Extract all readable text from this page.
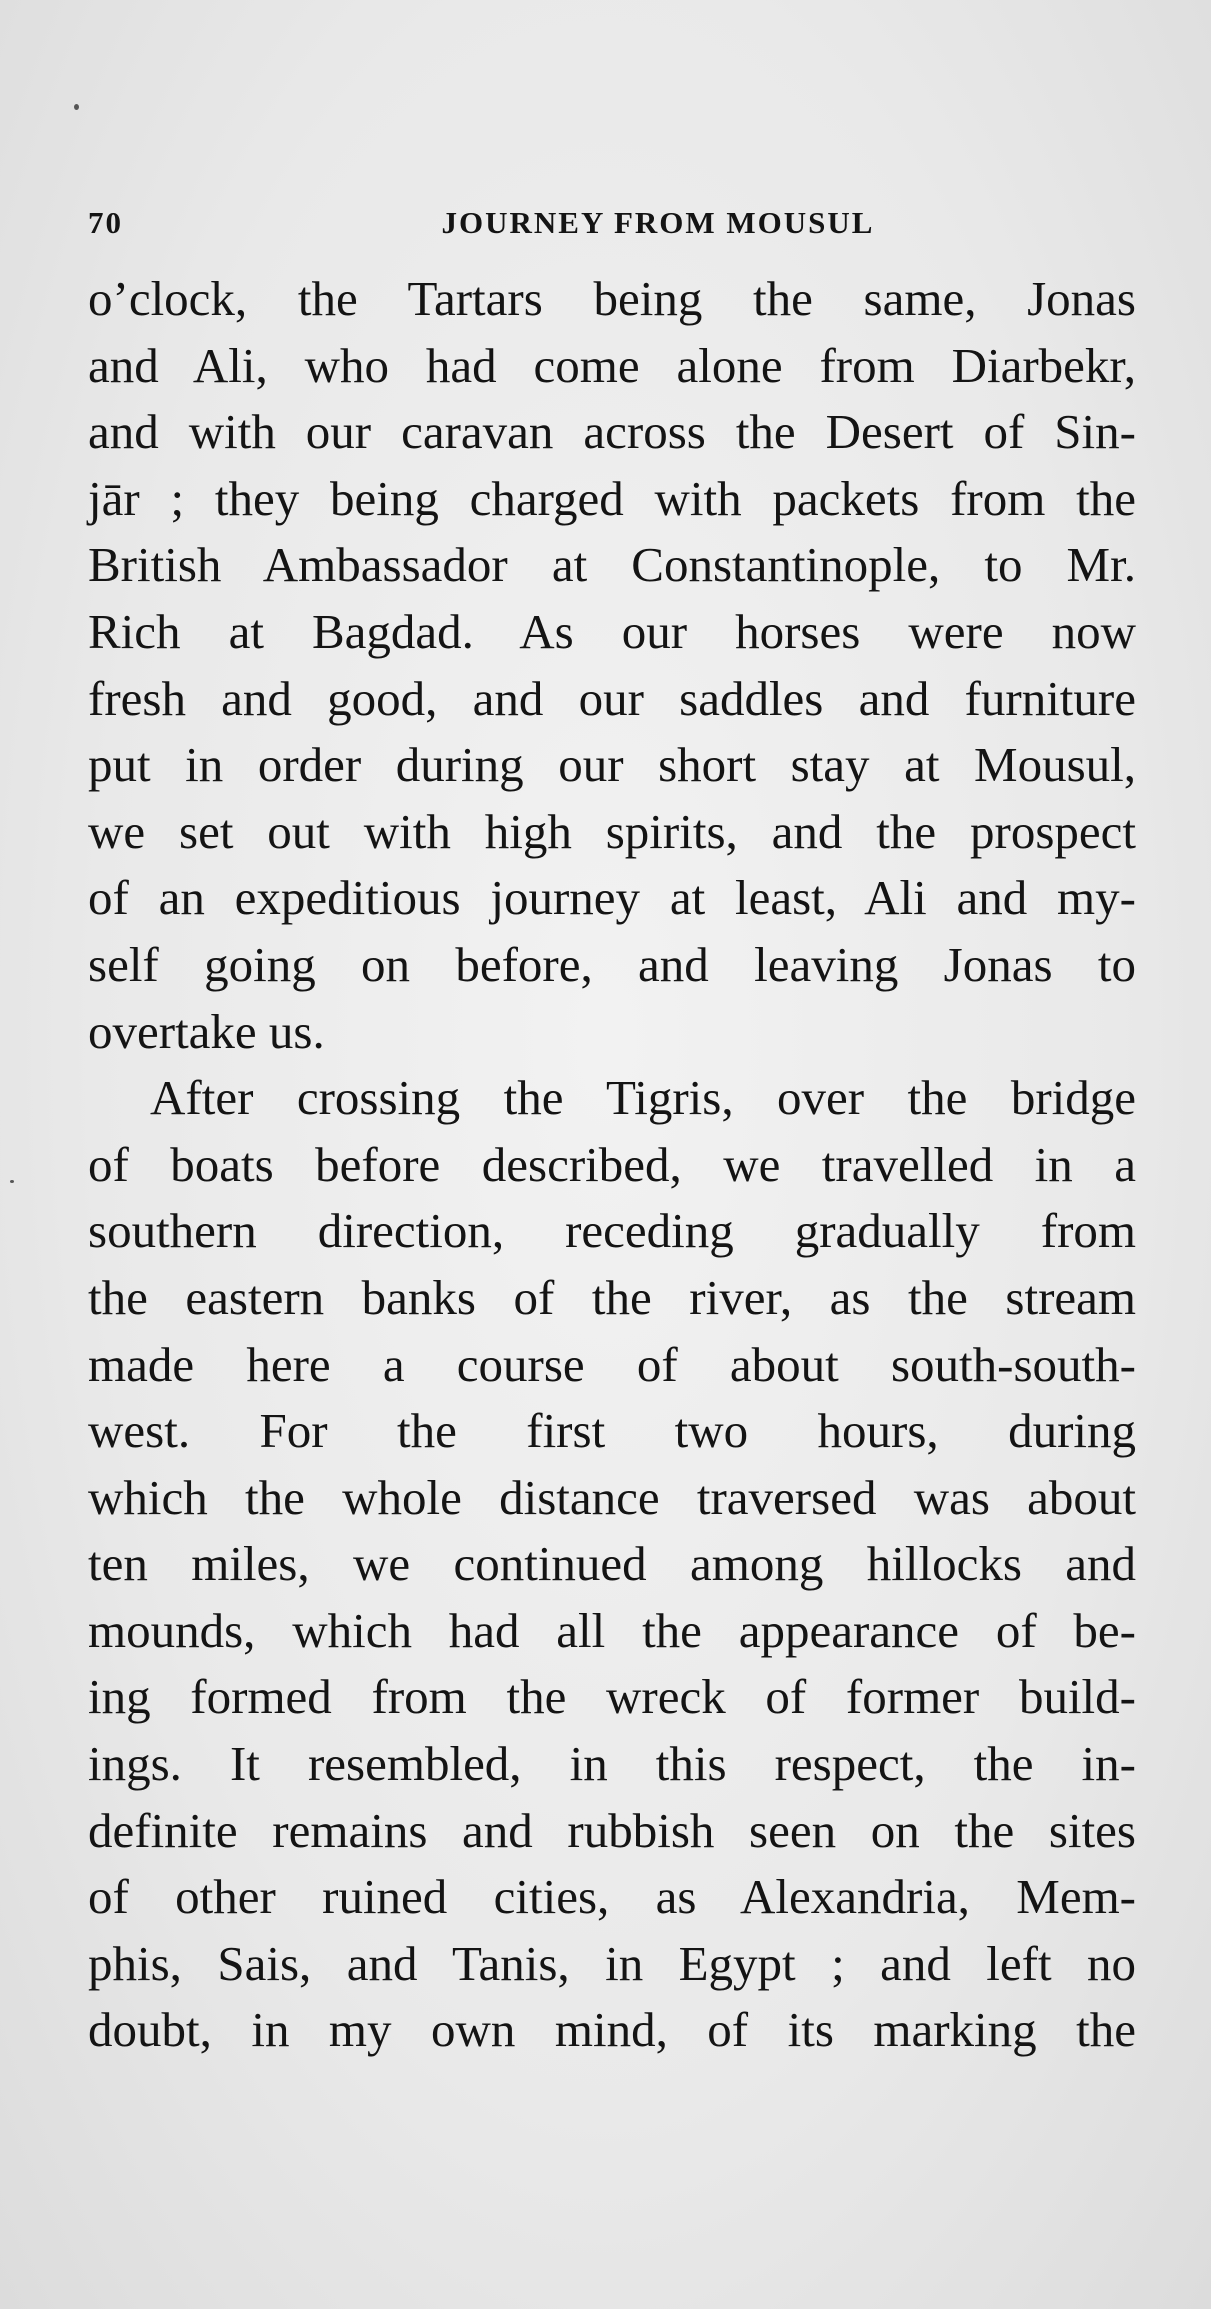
70	JOURNEY FROM MOUSUL
o’clock, the Tartars being the same, Jonas
and Ali, who had come alone from Diarbekr,
and with our caravan across the Desert of Sin-
jār ; they being charged with packets from the
British Ambassador at Constantinople, to Mr.
Rich at Bagdad. As our horses were now
fresh and good, and our saddles and furniture
put in order during our short stay at Mousul,
we set out with high spirits, and the prospect
of an expeditious journey at least, Ali and my-
self going on before, and leaving Jonas to
overtake us.
After crossing the Tigris, over the bridge
of boats before described, we travelled in a
southern direction, receding gradually from
the eastern banks of the river, as the stream
made here a course of about south-south-
west. For the first two hours, during
which the whole distance traversed was about
ten miles, we continued among hillocks and
mounds, which had all the appearance of be-
ing formed from the wreck of former build-
ings. It resembled, in this respect, the in-
definite remains and rubbish seen on the sites
of other ruined cities, as Alexandria, Mem-
phis, Sais, and Tanis, in Egypt ; and left no
doubt, in my own mind, of its marking the
